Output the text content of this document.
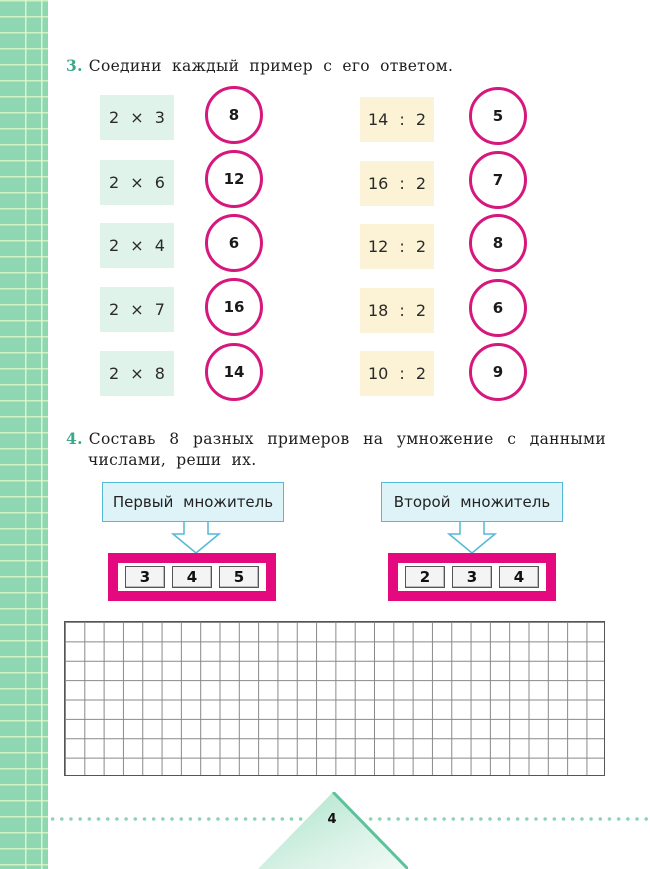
3. Соедини каждый пример с его ответом.
2 × 3
2 × 6
2 × 4
2 × 7
2 × 8
8
12
6
16
14
14 : 2
16 : 2
12 : 2
18 : 2
10 : 2
5
7
8
6
9
4. Составь 8 разных примеров на умножение с данными
числами, реши их.
Первый множитель
3	4	5
Второй множитель
2	3	4
4
